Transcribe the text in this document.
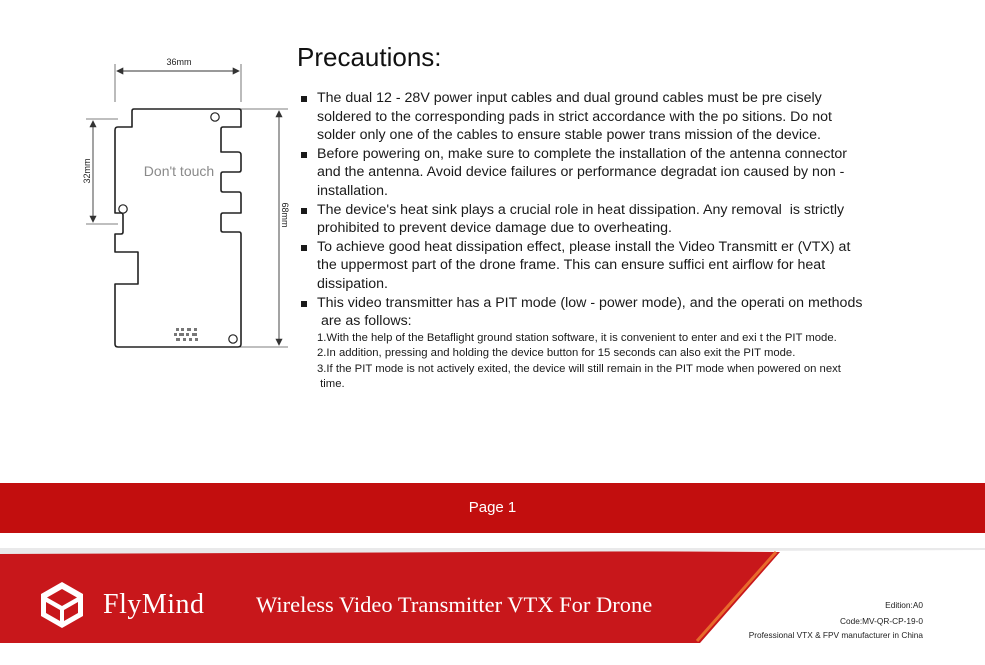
36mm
68mm
32mm	Don't touch
Precautions:
The dual 12 - 28V power input cables and dual ground cables must be pre cisely
soldered to the corresponding pads in strict accordance with the po sitions. Do not
solder only one of the cables to ensure stable power trans mission of the device.
Before powering on, make sure to complete the installation of the antenna connector
and the antenna. Avoid device failures or performance degradat ion caused by non -
installation.
The device's heat sink plays a crucial role in heat dissipation. Any removal  is strictly
prohibited to prevent device damage due to overheating.
To achieve good heat dissipation effect, please install the Video Transmitt er (VTX) at
the uppermost part of the drone frame. This can ensure suffici ent airflow for heat
dissipation.
This video transmitter has a PIT mode (low - power mode), and the operati on methods
are as follows:
1.With the help of the Betaflight ground station software, it is convenient to enter and exi t the PIT mode.
2.In addition, pressing and holding the device button for 15 seconds can also exit the PIT mode.
3.If the PIT mode is not actively exited, the device will still remain in the PIT mode when powered on next
time.
Page 1
FlyMind Wireless Video Transmitter VTX For Drone	Edition:A0
Code:MV-QR-CP-19-0
Professional VTX & FPV manufacturer in China
